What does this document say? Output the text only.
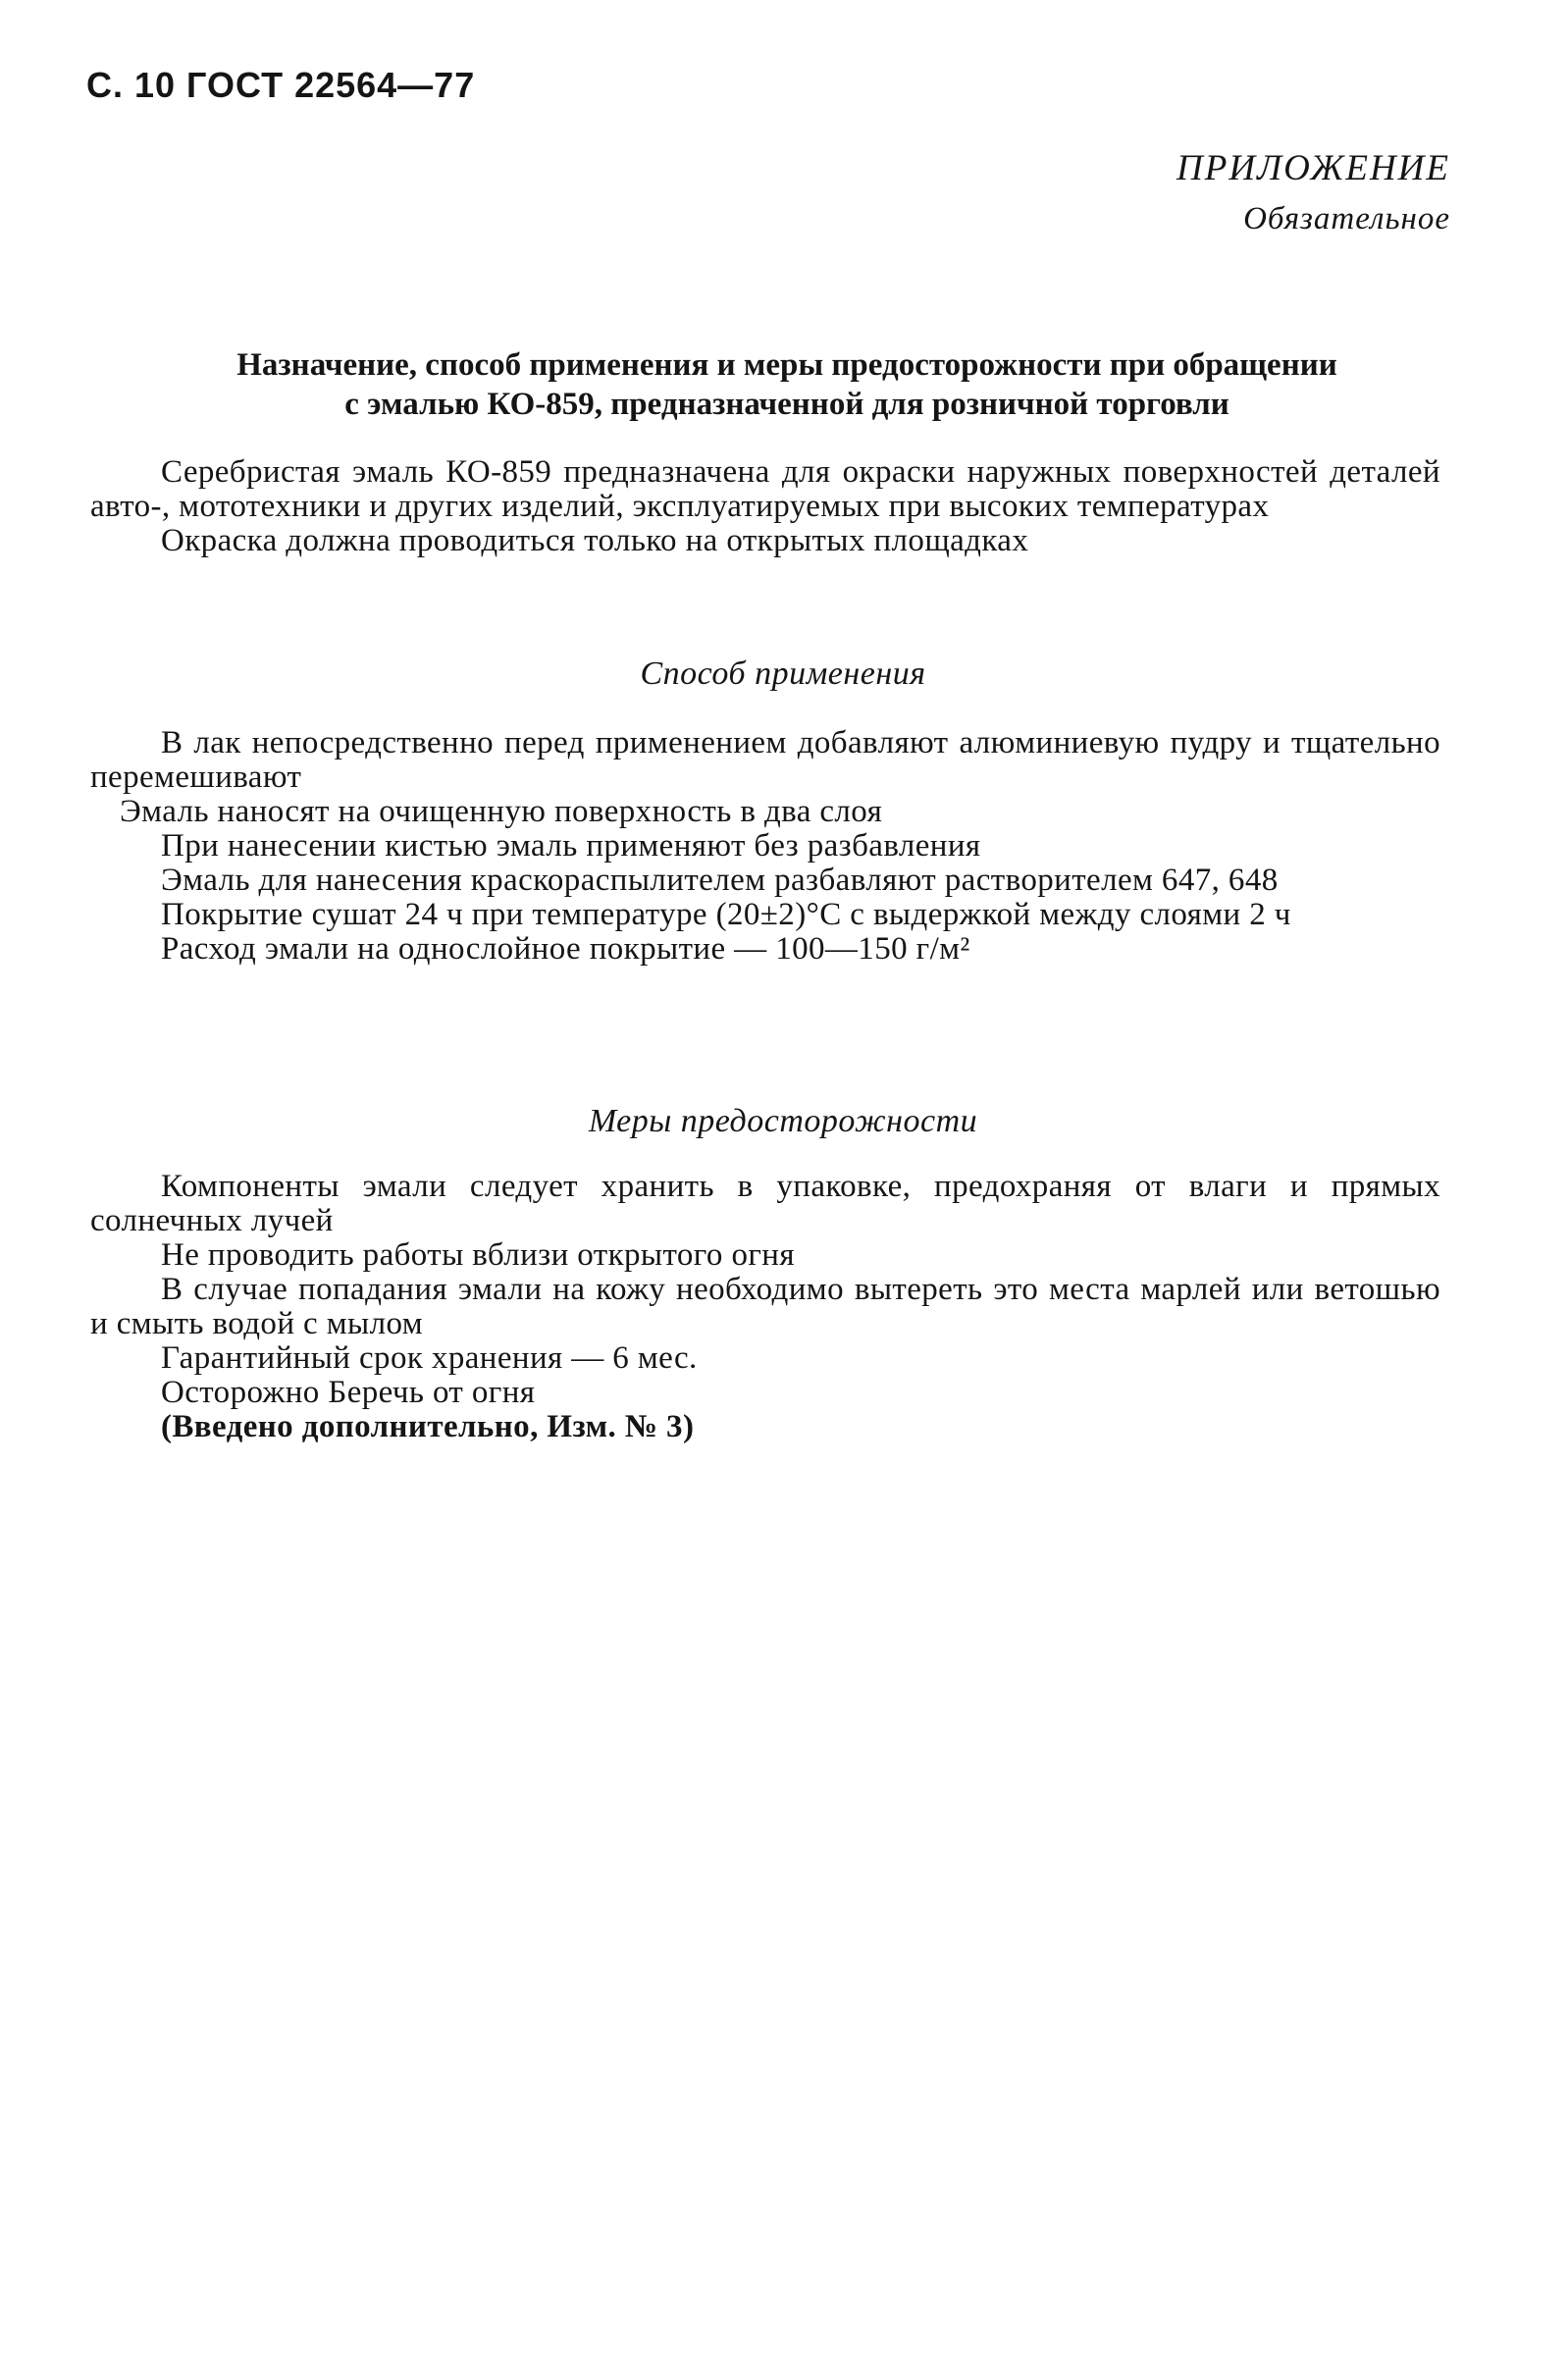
С. 10 ГОСТ 22564—77
ПРИЛОЖЕНИЕ
Обязательное
Назначение, способ применения и меры предосторожности при обращении
с эмалью КО-859, предназначенной для розничной торговли

Серебристая эмаль КО-859 предназначена для окраски наружных поверхностей деталей авто-, мототехники и других изделий, эксплуатируемых при высоких температурах

Окраска должна проводиться только на открытых площадках

Способ применения

В лак непосредственно перед применением добавляют алюминиевую пудру и тщательно перемешивают

Эмаль наносят на очищенную поверхность в два слоя

При нанесении кистью эмаль применяют без разбавления

Эмаль для нанесения краскораспылителем разбавляют растворителем 647, 648

Покрытие сушат 24 ч при температуре (20±2)°С с выдержкой между слоями 2 ч

Расход эмали на однослойное покрытие — 100—150 г/м²

Меры предосторожности

Компоненты эмали следует хранить в упаковке, предохраняя от влаги и прямых солнечных лучей

Не проводить работы вблизи открытого огня

В случае попадания эмали на кожу необходимо вытереть это места марлей или ветошью и смыть водой с мылом

Гарантийный срок хранения — 6 мес.

Осторожно Беречь от огня

(Введено дополнительно, Изм. № 3)
